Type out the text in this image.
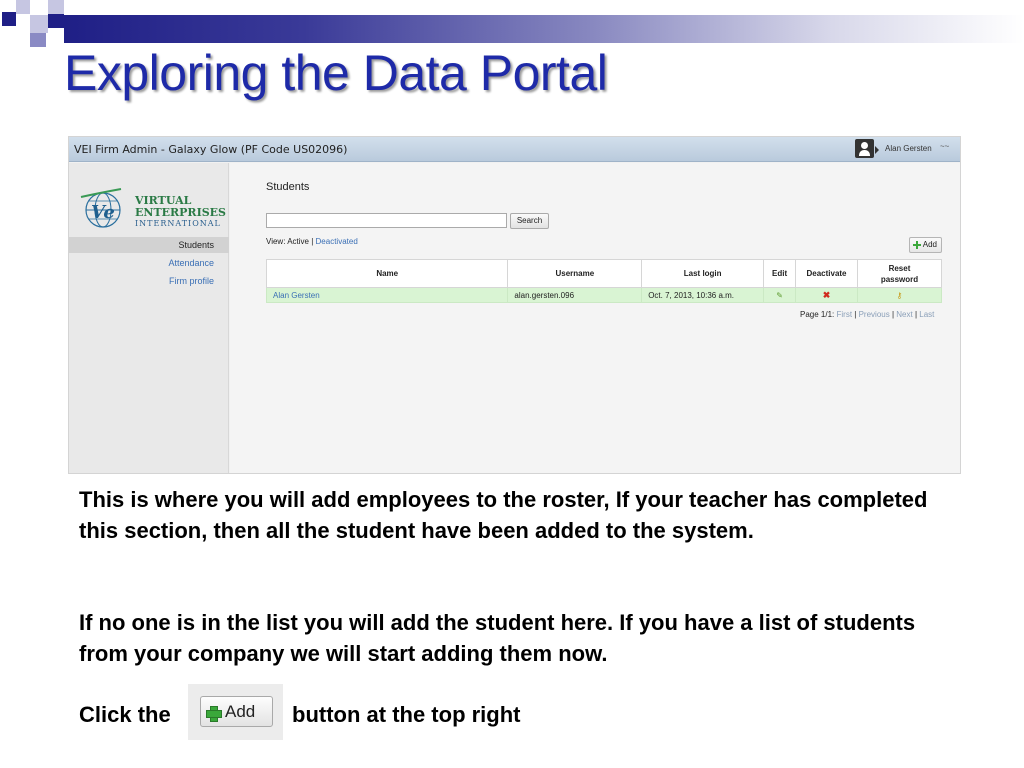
Exploring the Data Portal
VEI Firm Admin - Galaxy Glow (PF Code US02096)	Alan Gersten ~~
Ve
VIRTUAL
ENTERPRISES
INTERNATIONAL
Students
Attendance
Firm profile
Students
Search
View: Active | Deactivated	Add
Name	Username	Last login	Edit	Deactivate	Reset password
Alan Gersten	alan.gersten.096	Oct. 7, 2013, 10:36 a.m.	✎	✖	⚷
Page 1/1: First | Previous | Next | Last
This is where you will add employees to the roster, If your teacher has completed this section, then all the student have been added to the system.
If no one is in the list you will add the student here. If you have a list of students from your company we will start adding them now.
Click the	Add button at the top right
